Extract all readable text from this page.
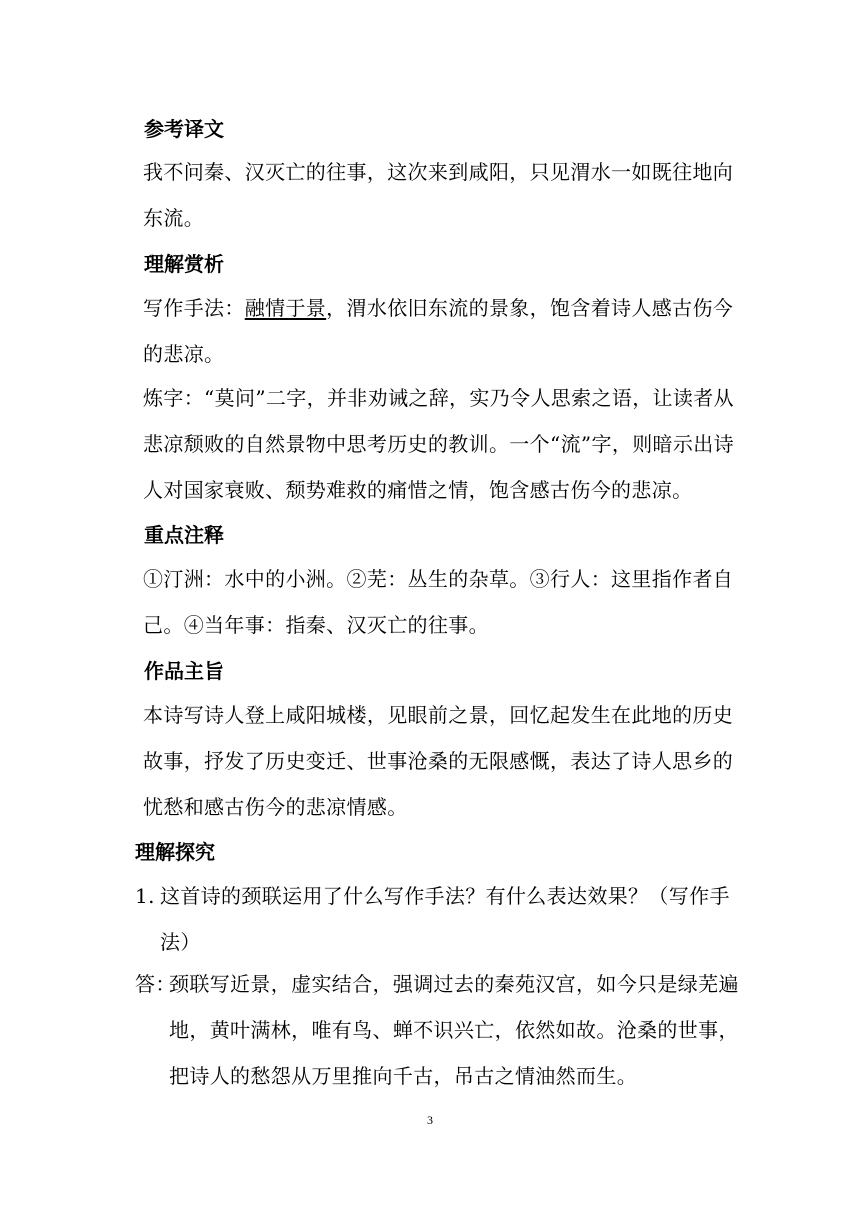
参考译文
我不问秦、汉灭亡的往事，这次来到咸阳，只见渭水一如既往地向东流。
理解赏析
写作手法：融情于景，渭水依旧东流的景象，饱含着诗人感古伤今的悲凉。
炼字：“莫问”二字，并非劝诫之辞，实乃令人思索之语，让读者从悲凉颓败的自然景物中思考历史的教训。一个“流”字，则暗示出诗人对国家衰败、颓势难救的痛惜之情，饱含感古伤今的悲凉。
重点注释
①汀洲：水中的小洲。②芜：丛生的杂草。③行人：这里指作者自己。④当年事：指秦、汉灭亡的往事。
作品主旨
本诗写诗人登上咸阳城楼，见眼前之景，回忆起发生在此地的历史故事，抒发了历史变迁、世事沧桑的无限感慨，表达了诗人思乡的忧愁和感古伤今的悲凉情感。
理解探究
1. 这首诗的颈联运用了什么写作手法？有什么表达效果？（写作手法）
答：
颈联写近景，虚实结合，强调过去的秦苑汉宫，如今只是绿芜遍地，黄叶满林，唯有鸟、蝉不识兴亡，依然如故。沧桑的世事，把诗人的愁怨从万里推向千古，吊古之情油然而生。
3
